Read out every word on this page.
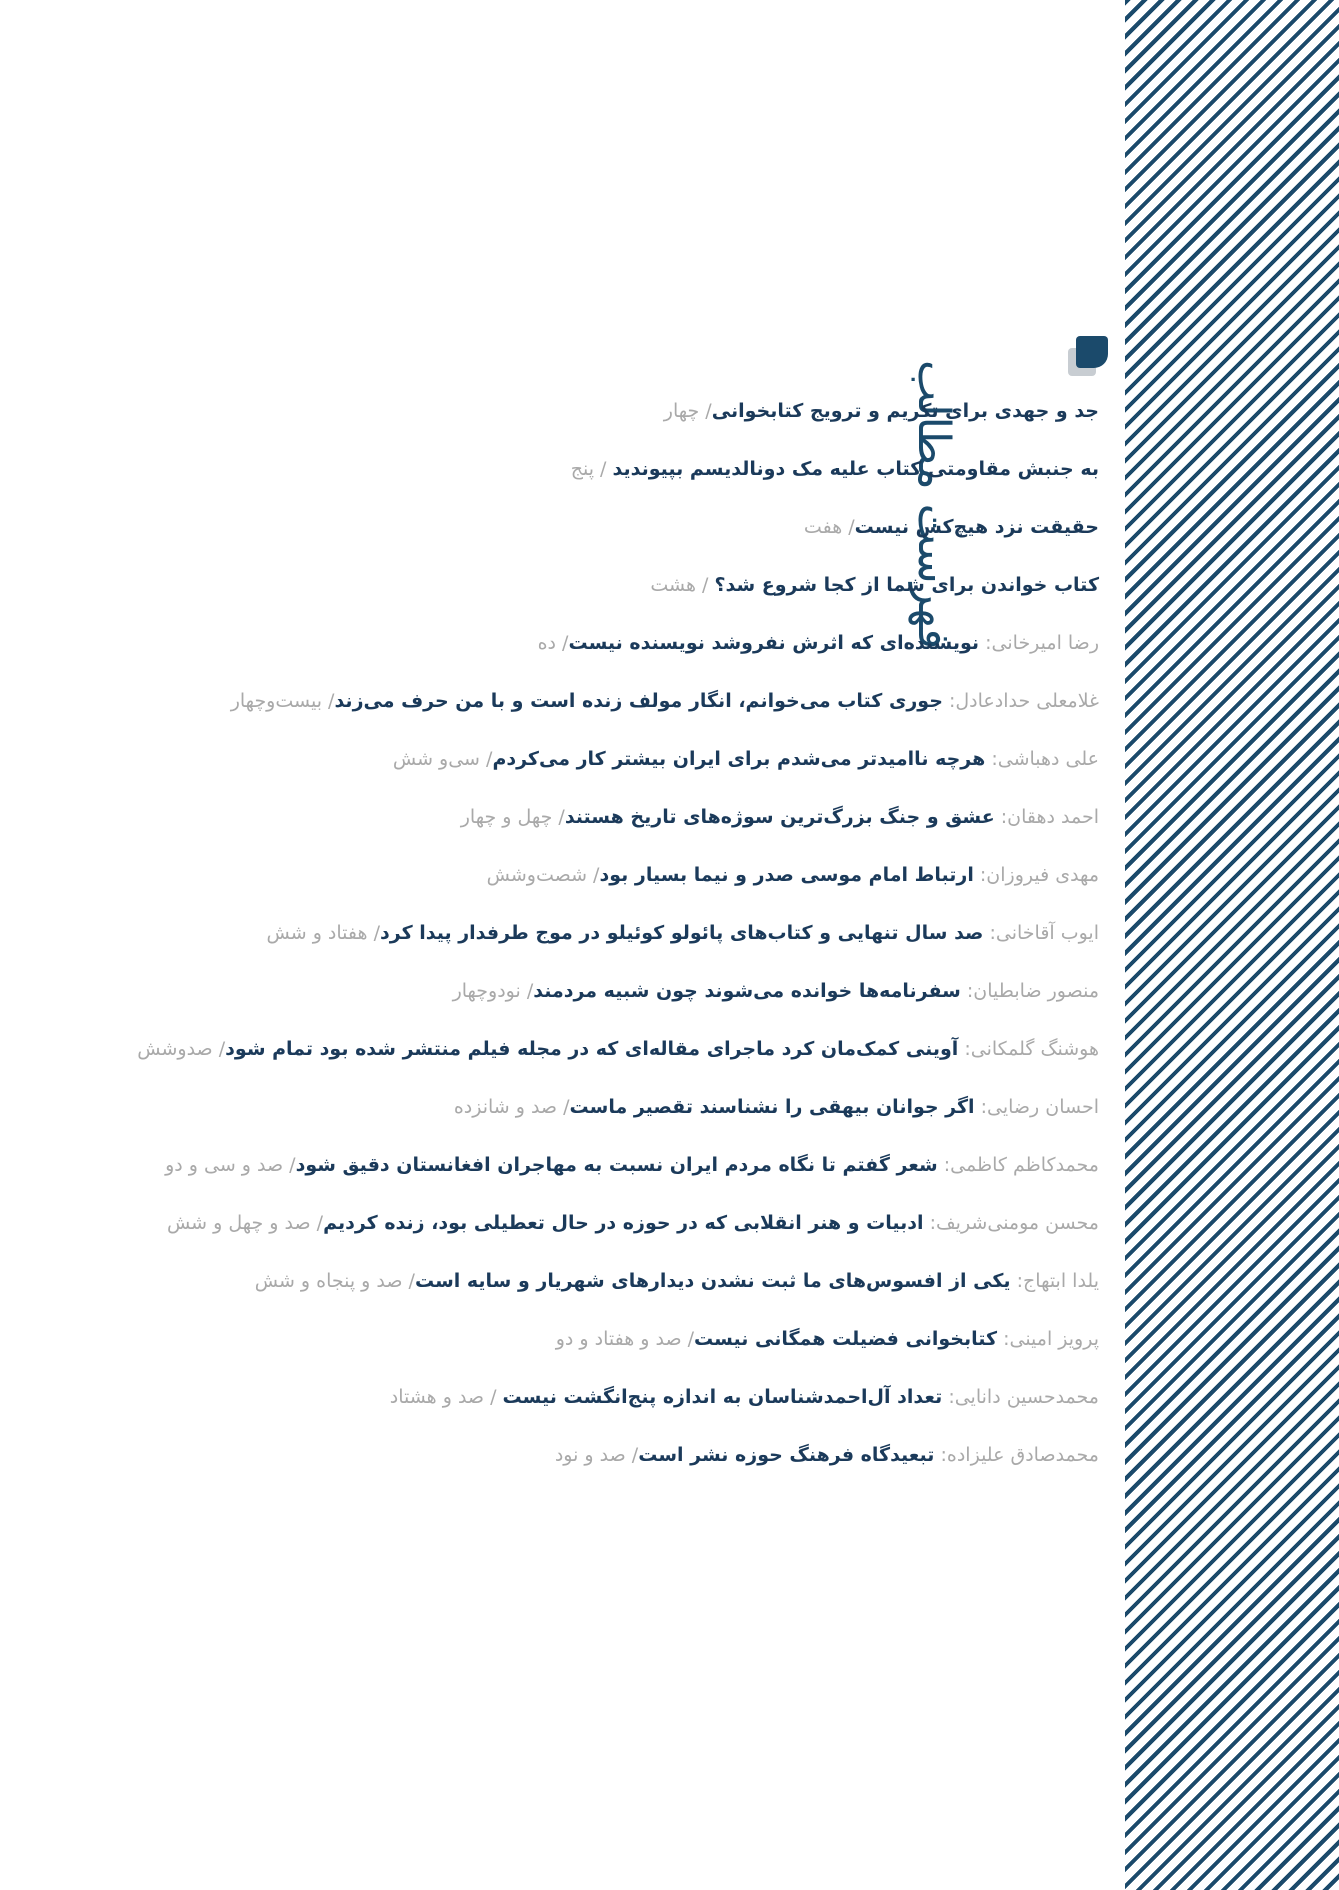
فهرست مطالب
جد و جهدی برای تکریم و ترویج کتابخوانی/ چهار
به جنبش مقاومتی کتاب علیه مک دونالدیسم بپیوندید / پنج
حقیقت نزد هیچ‌کس نیست/ هفت
کتاب خواندن برای شما از کجا شروع شد؟ / هشت
رضا امیرخانی: نویسنده‌ای که اثرش نفروشد نویسنده نیست/ ده
غلامعلی حدادعادل: جوری کتاب می‌خوانم، انگار مولف زنده است و با من حرف می‌زند/ بیست‌وچهار
علی دهباشی: هرچه ناامیدتر می‌شدم برای ایران بیشتر کار می‌کردم/ سی‌و شش
احمد دهقان: عشق و جنگ بزرگ‌ترین سوژه‌های تاریخ هستند/ چهل و چهار
مهدی فیروزان: ارتباط امام موسی صدر و نیما بسیار بود/ شصت‌وشش
ایوب آقاخانی: صد سال تنهایی و کتاب‌های پائولو کوئیلو در موج طرفدار پیدا کرد/ هفتاد و شش
منصور ضابطیان: سفرنامه‌ها خوانده می‌شوند چون شبیه مردمند/ نود‌وچهار
هوشنگ گلمکانی: آوینی کمک‌مان کرد ماجرای مقاله‌ای که در مجله فیلم منتشر شده بود تمام شود/ صدوشش
احسان رضایی: اگر جوانان بیهقی را نشناسند تقصیر ماست/ صد و شانزده
محمدکاظم کاظمی: شعر گفتم تا نگاه مردم ایران نسبت به مهاجران افغانستان دقیق شود/ صد و سی و دو
محسن مومنی‌شریف: ادبیات و هنر انقلابی که در حوزه در حال تعطیلی بود، زنده کردیم/ صد و چهل و شش
یلدا ابتهاج: یکی از افسوس‌های ما ثبت نشدن دیدارهای شهریار و سایه است/ صد و پنجاه و شش
پرویز امینی: کتابخوانی فضیلت همگانی نیست/ صد و هفتاد و دو
محمدحسین دانایی: تعداد آل‌احمدشناسان به اندازه پنج‌انگشت نیست / صد و هشتاد
محمدصادق علیزاده: تبعیدگاه فرهنگ حوزه نشر است/ صد و نود
